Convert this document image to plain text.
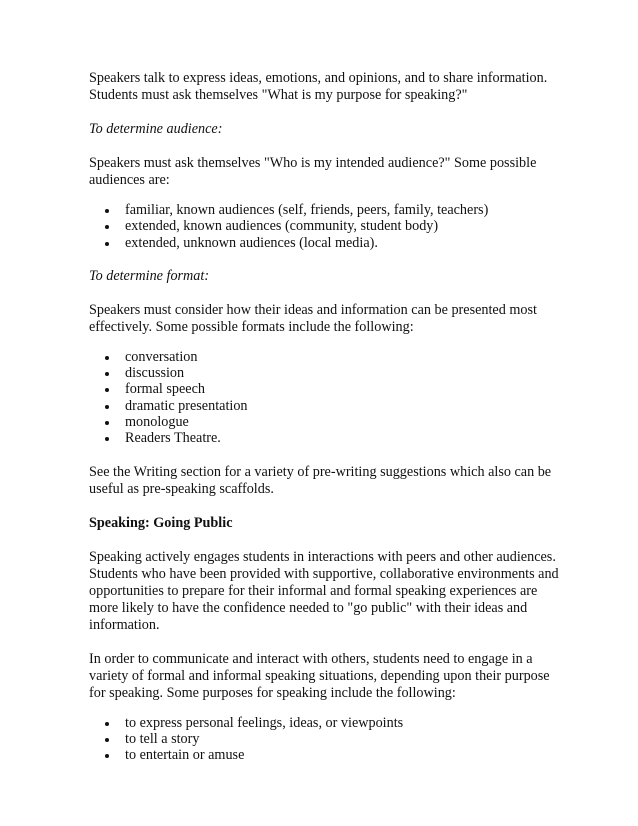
Speakers talk to express ideas, emotions, and opinions, and to share information. Students must ask themselves "What is my purpose for speaking?"

To determine audience:

Speakers must ask themselves "Who is my intended audience?" Some possible audiences are:

familiar, known audiences (self, friends, peers, family, teachers)
extended, known audiences (community, student body)
extended, unknown audiences (local media).

To determine format:

Speakers must consider how their ideas and information can be presented most effectively. Some possible formats include the following:

conversation
discussion
formal speech
dramatic presentation
monologue
Readers Theatre.

See the Writing section for a variety of pre-writing suggestions which also can be useful as pre-speaking scaffolds.

Speaking: Going Public

Speaking actively engages students in interactions with peers and other audiences. Students who have been provided with supportive, collaborative environments and opportunities to prepare for their informal and formal speaking experiences are more likely to have the confidence needed to "go public" with their ideas and information.

In order to communicate and interact with others, students need to engage in a variety of formal and informal speaking situations, depending upon their purpose for speaking. Some purposes for speaking include the following:

to express personal feelings, ideas, or viewpoints
to tell a story
to entertain or amuse
